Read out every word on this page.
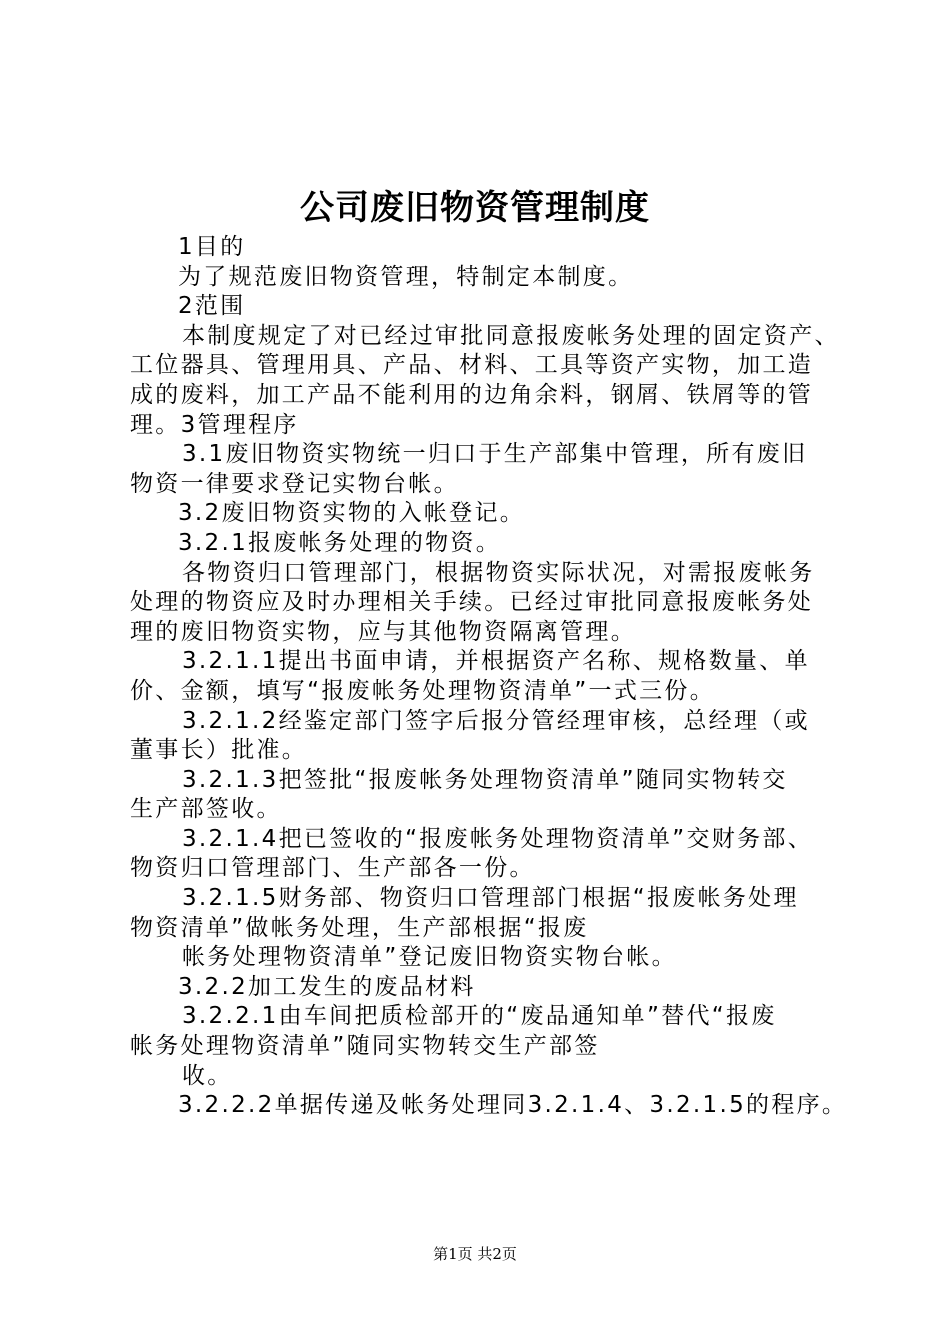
公司废旧物资管理制度
1目的
为了规范废旧物资管理，特制定本制度。
2范围
本制度规定了对已经过审批同意报废帐务处理的固定资产、
工位器具、管理用具、产品、材料、工具等资产实物，加工造
成的废料，加工产品不能利用的边角余料，钢屑、铁屑等的管
理。3管理程序
3.1废旧物资实物统一归口于生产部集中管理，所有废旧
物资一律要求登记实物台帐。
3.2废旧物资实物的入帐登记。
3.2.1报废帐务处理的物资。
各物资归口管理部门，根据物资实际状况，对需报废帐务
处理的物资应及时办理相关手续。已经过审批同意报废帐务处
理的废旧物资实物，应与其他物资隔离管理。
3.2.1.1提出书面申请，并根据资产名称、规格数量、单
价、金额，填写“报废帐务处理物资清单”一式三份。
3.2.1.2经鉴定部门签字后报分管经理审核，总经理（或
董事长）批准。
3.2.1.3把签批“报废帐务处理物资清单”随同实物转交
生产部签收。
3.2.1.4把已签收的“报废帐务处理物资清单”交财务部、
物资归口管理部门、生产部各一份。
3.2.1.5财务部、物资归口管理部门根据“报废帐务处理
物资清单”做帐务处理，生产部根据“报废
帐务处理物资清单”登记废旧物资实物台帐。
3.2.2加工发生的废品材料
3.2.2.1由车间把质检部开的“废品通知单”替代“报废
帐务处理物资清单”随同实物转交生产部签
收。
3.2.2.2单据传递及帐务处理同3.2.1.4、3.2.1.5的程序。
第1页 共2页
